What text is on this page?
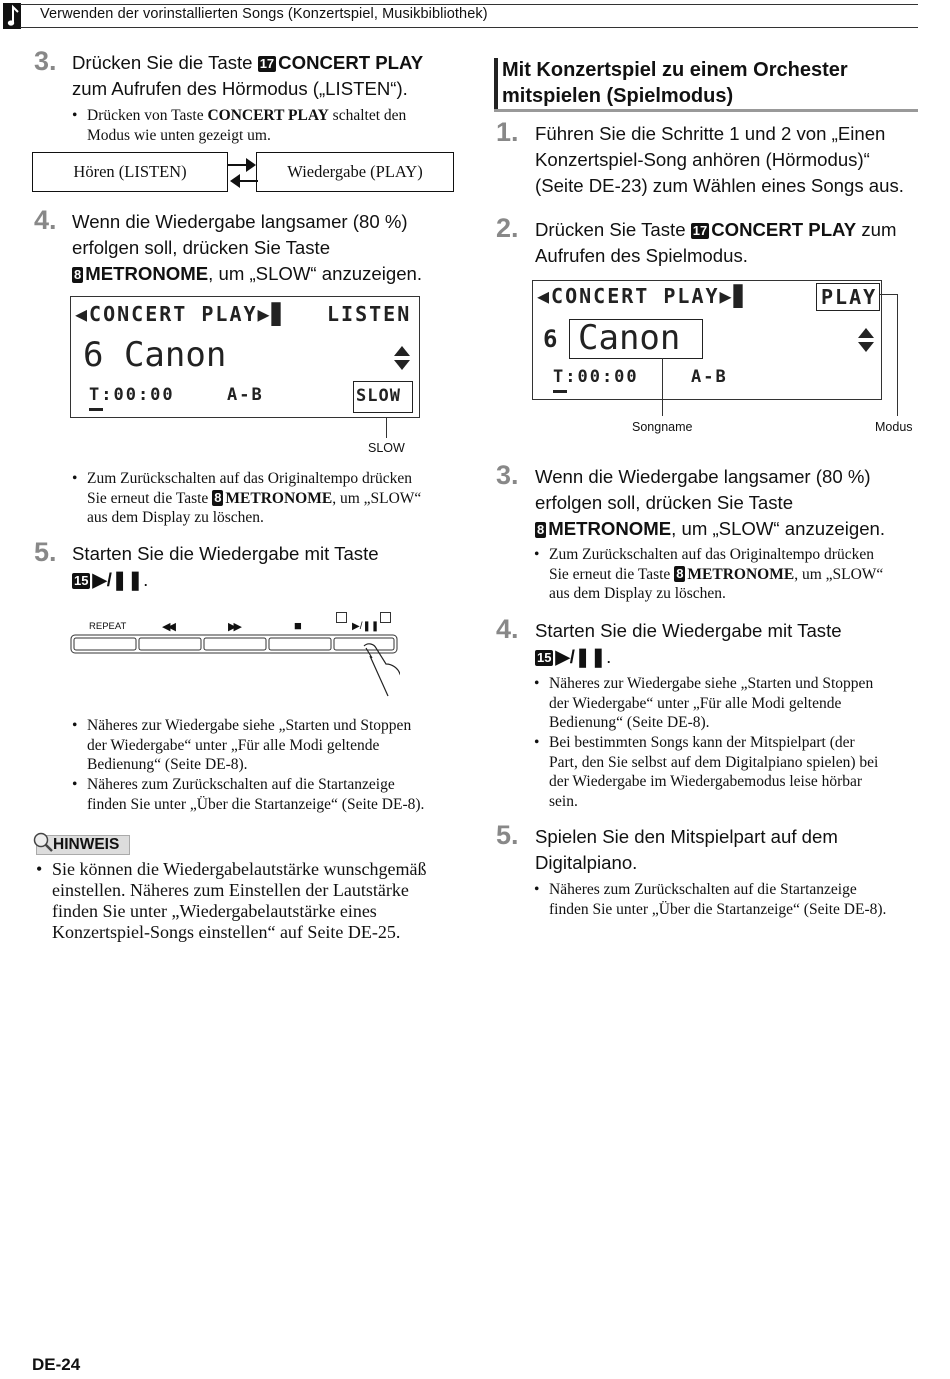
Verwenden der vorinstallierten Songs (Konzertspiel, Musikbibliothek)
3. Drücken Sie die Taste 17 CONCERT PLAY
zum Aufrufen des Hörmodus („LISTEN“).
• Drücken von Taste CONCERT PLAY schaltet den
Modus wie unten gezeigt um.
Hören (LISTEN)	Wiedergabe (PLAY)
4. Wenn die Wiedergabe langsamer (80 %)
erfolgen soll, drücken Sie Taste
8 METRONOME, um „SLOW“ anzuzeigen.
◀CONCERT PLAY▶▊ LISTEN
6 Canon
T:00:00	A-B	SLOW
SLOW
• Zum Zurückschalten auf das Originaltempo drücken
Sie erneut die Taste 8 METRONOME, um „SLOW“
aus dem Display zu löschen.
5. Starten Sie die Wiedergabe mit Taste
15 ▶/❚❚.
REPEAT	◀◀	▶▶	■	▶/❚❚
• Näheres zur Wiedergabe siehe „Starten und Stoppen
der Wiedergabe“ unter „Für alle Modi geltende
Bedienung“ (Seite DE-8).
• Näheres zum Zurückschalten auf die Startanzeige
finden Sie unter „Über die Startanzeige“ (Seite DE-8).
HINWEIS
• Sie können die Wiedergabelautstärke wunschgemäß
einstellen. Näheres zum Einstellen der Lautstärke
finden Sie unter „Wiedergabelautstärke eines
Konzertspiel-Songs einstellen“ auf Seite DE-25.
Mit Konzertspiel zu einem Orchester
mitspielen (Spielmodus)
1. Führen Sie die Schritte 1 und 2 von „Einen
Konzertspiel-Song anhören (Hörmodus)“
(Seite DE-23) zum Wählen eines Songs aus.
2. Drücken Sie Taste 17 CONCERT PLAY zum
Aufrufen des Spielmodus.
◀CONCERT PLAY▶▊	PLAY
6 Canon
T:00:00	A-B
Songname	Modus
3. Wenn die Wiedergabe langsamer (80 %)
erfolgen soll, drücken Sie Taste
8 METRONOME, um „SLOW“ anzuzeigen.
• Zum Zurückschalten auf das Originaltempo drücken
Sie erneut die Taste 8 METRONOME, um „SLOW“
aus dem Display zu löschen.
4. Starten Sie die Wiedergabe mit Taste
15 ▶/❚❚.
• Näheres zur Wiedergabe siehe „Starten und Stoppen
der Wiedergabe“ unter „Für alle Modi geltende
Bedienung“ (Seite DE-8).
• Bei bestimmten Songs kann der Mitspielpart (der
Part, den Sie selbst auf dem Digitalpiano spielen) bei
der Wiedergabe im Wiedergabemodus leise hörbar
sein.
5. Spielen Sie den Mitspielpart auf dem
Digitalpiano.
• Näheres zum Zurückschalten auf die Startanzeige
finden Sie unter „Über die Startanzeige“ (Seite DE-8).
DE-24
